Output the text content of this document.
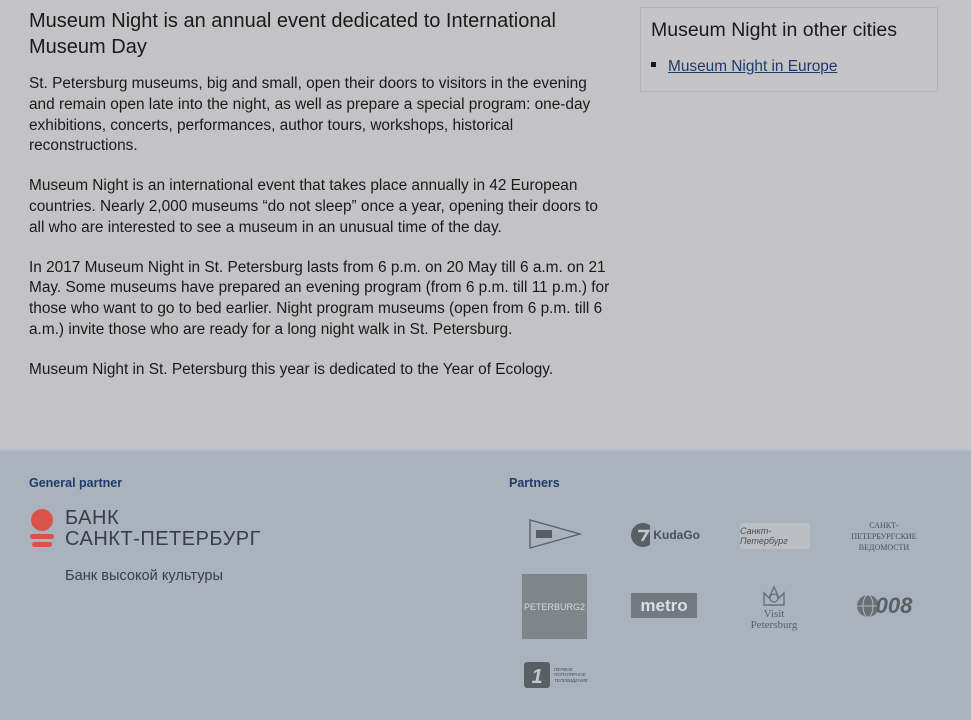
Museum Night is an annual event dedicated to International Museum Day

St. Petersburg museums, big and small, open their doors to visitors in the evening and remain open late into the night, as well as prepare a special program: one-day exhibitions, concerts, performances, author tours, workshops, historical reconstructions.

Museum Night is an international event that takes place annually in 42 European countries. Nearly 2,000 museums “do not sleep” once a year, opening their doors to all who are interested to see a museum in an unusual time of the day.

In 2017 Museum Night in St. Petersburg lasts from 6 p.m. on 20 May till 6 a.m. on 21 May. Some museums have prepared an evening program (from 6 p.m. till 11 p.m.) for those who want to go to bed earlier. Night program museums (open from 6 p.m. till 6 a.m.) invite those who are ready for a long night walk in St. Petersburg.

Museum Night in St. Petersburg this year is dedicated to the Year of Ecology.

Museum Night in other cities
Museum Night in Europe
General partner
БАНК
САНКТ-ПЕТЕРБУРГ
Банк высокой культуры
Partners
KudaGo	Санкт-Петербург
САНКТ-ПЕТЕРБУРГСКИЕ ВЕДОМОСТИ
PETERBURG2	metro	Visit Petersburg
008
1	ПЕРВОЕ ПОПУЛЯРНОЕ ТЕЛЕВИДЕНИЕ
